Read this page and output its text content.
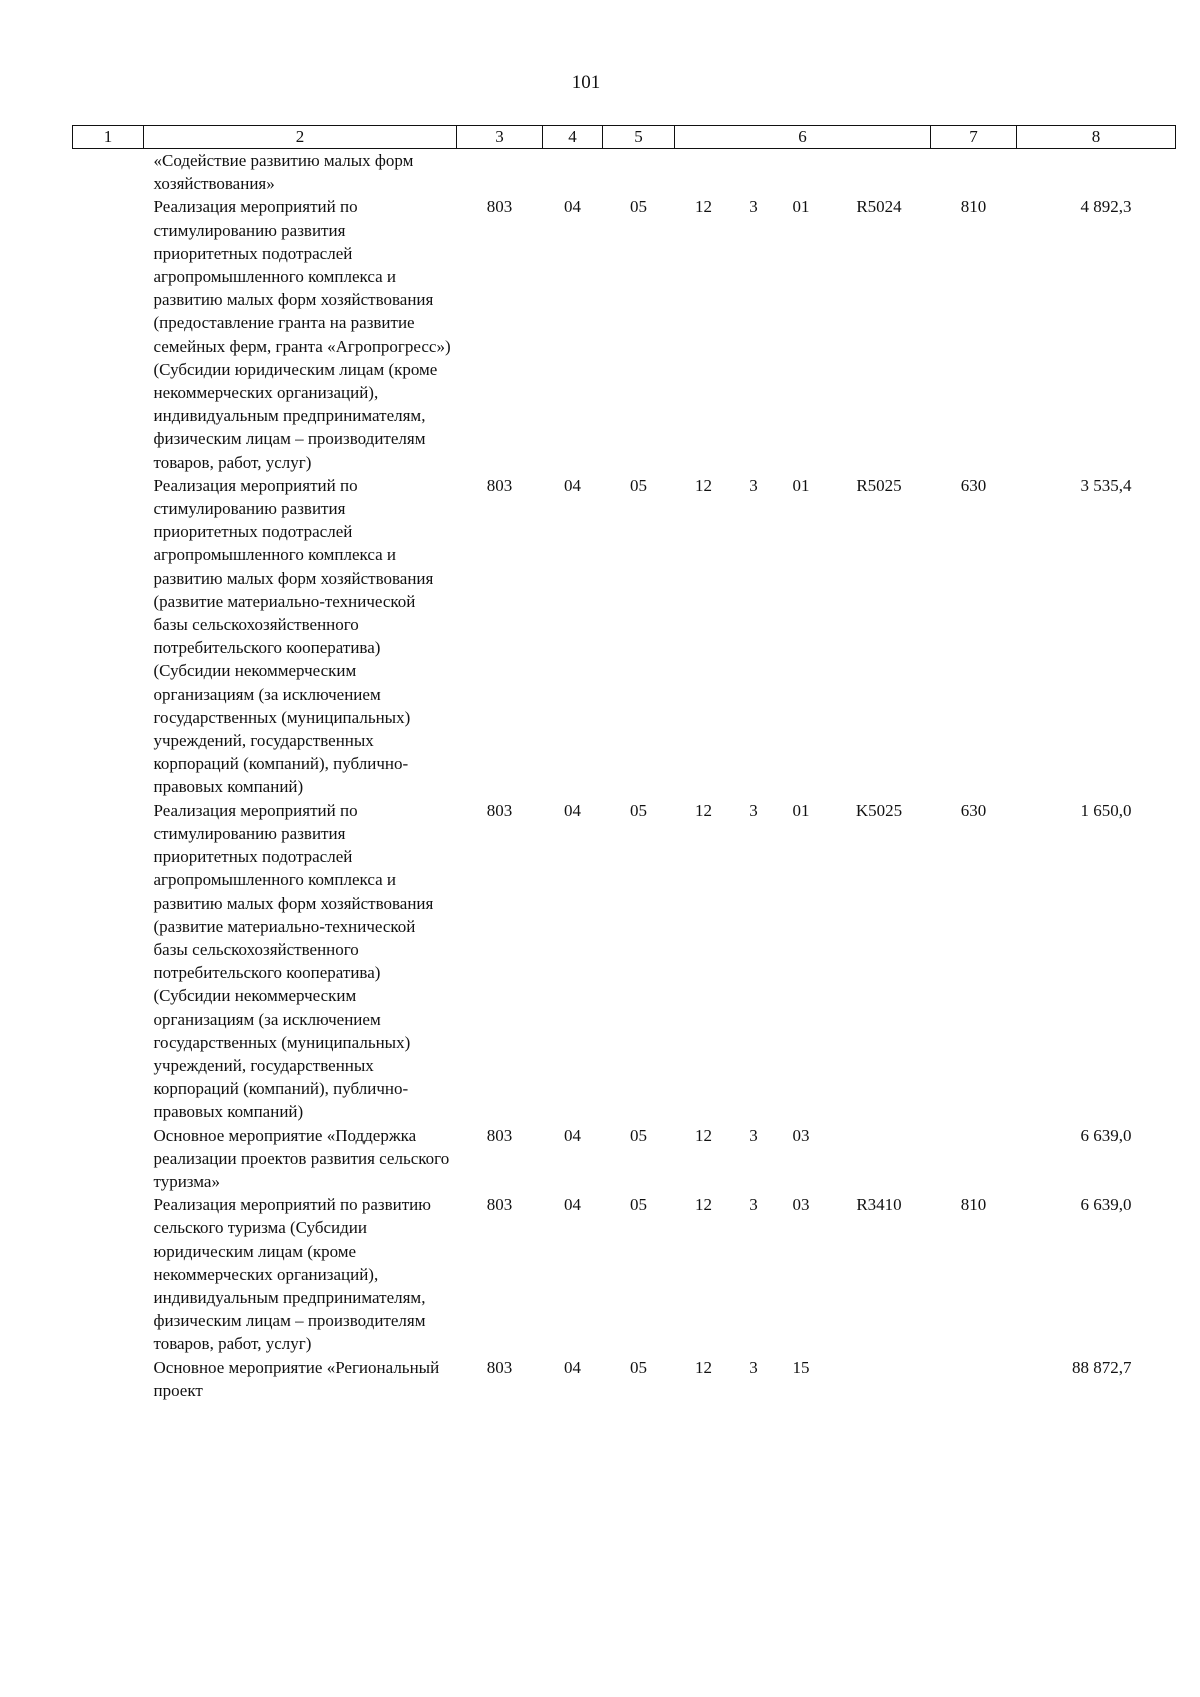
101
1	2	3	4	5	6				7	8
	«Содействие развитию малых форм хозяйствования»									
	Реализация мероприятий по стимулированию развития приоритетных подотраслей агропромышленного комплекса и развитию малых форм хозяйствования (предоставление гранта на развитие семейных ферм, гранта «Агропрогресс») (Субсидии юридическим лицам (кроме некоммерческих организаций), индивидуальным предпринимателям, физическим лицам – производителям товаров, работ, услуг)	803	04	05	12	3	01	R5024	810	4 892,3
	Реализация мероприятий по стимулированию развития приоритетных подотраслей агропромышленного комплекса и развитию малых форм хозяйствования (развитие материально-технической базы сельскохозяйственного потребительского кооператива) (Субсидии некоммерческим организациям (за исключением государственных (муниципальных) учреждений, государственных корпораций (компаний), публично-правовых компаний)	803	04	05	12	3	01	R5025	630	3 535,4
	Реализация мероприятий по стимулированию развития приоритетных подотраслей агропромышленного комплекса и развитию малых форм хозяйствования (развитие материально-технической базы сельскохозяйственного потребительского кооператива) (Субсидии некоммерческим организациям (за исключением государственных (муниципальных) учреждений, государственных корпораций (компаний), публично-правовых компаний)	803	04	05	12	3	01	K5025	630	1 650,0
	Основное мероприятие «Поддержка реализации проектов развития сельского туризма»	803	04	05	12	3	03			6 639,0
	Реализация мероприятий по развитию сельского туризма (Субсидии юридическим лицам (кроме некоммерческих организаций), индивидуальным предпринимателям, физическим лицам – производителям товаров, работ, услуг)	803	04	05	12	3	03	R3410	810	6 639,0
	Основное мероприятие «Региональный проект	803	04	05	12	3	15			88 872,7
